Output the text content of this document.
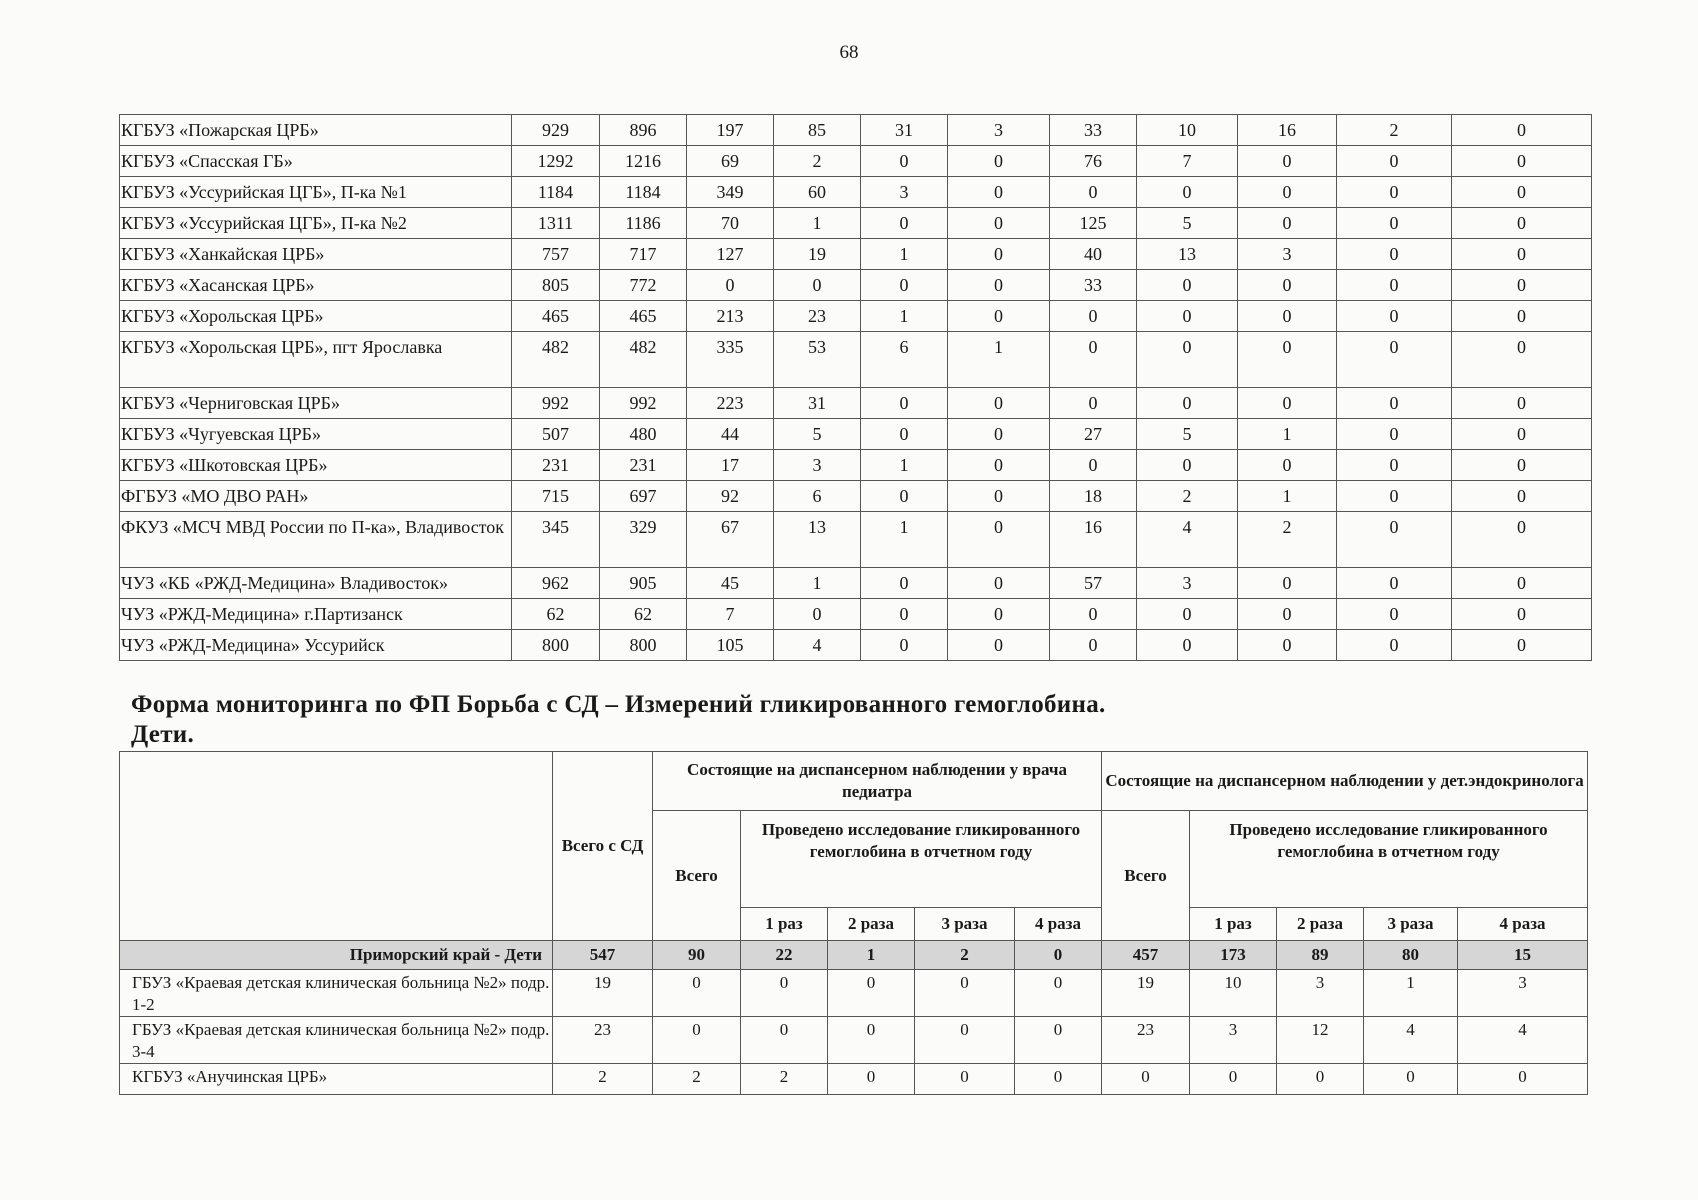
68
КГБУЗ «Пожарская ЦРБ»	929	896	197	85	31	3	33	10	16	2	0
КГБУЗ «Спасская ГБ»	1292	1216	69	2	0	0	76	7	0	0	0
КГБУЗ «Уссурийская ЦГБ», П-ка №1	1184	1184	349	60	3	0	0	0	0	0	0
КГБУЗ «Уссурийская ЦГБ», П-ка №2	1311	1186	70	1	0	0	125	5	0	0	0
КГБУЗ «Ханкайская ЦРБ»	757	717	127	19	1	0	40	13	3	0	0
КГБУЗ «Хасанская ЦРБ»	805	772	0	0	0	0	33	0	0	0	0
КГБУЗ «Хорольская ЦРБ»	465	465	213	23	1	0	0	0	0	0	0
КГБУЗ «Хорольская ЦРБ», пгт Ярославка	482	482	335	53	6	1	0	0	0	0	0
КГБУЗ «Черниговская ЦРБ»	992	992	223	31	0	0	0	0	0	0	0
КГБУЗ «Чугуевская ЦРБ»	507	480	44	5	0	0	27	5	1	0	0
КГБУЗ «Шкотовская ЦРБ»	231	231	17	3	1	0	0	0	0	0	0
ФГБУЗ «МО ДВО РАН»	715	697	92	6	0	0	18	2	1	0	0
ФКУЗ «МСЧ МВД России по П-ка», Владивосток	345	329	67	13	1	0	16	4	2	0	0
ЧУЗ «КБ «РЖД-Медицина» Владивосток»	962	905	45	1	0	0	57	3	0	0	0
ЧУЗ «РЖД-Медицина» г.Партизанск	62	62	7	0	0	0	0	0	0	0	0
ЧУЗ «РЖД-Медицина» Уссурийск	800	800	105	4	0	0	0	0	0	0	0
Форма мониторинга по ФП Борьба с СД – Измерений гликированного гемоглобина.
Дети.
	Всего с СД	Состоящие на диспансерном наблюдении у врача педиатра					Состоящие на диспансерном наблюдении у дет.эндокринолога				
		Всего	Проведено исследование гликированного гемоглобина в отчетном году				Всего	Проведено исследование гликированного гемоглобина в отчетном году			
			1 раз	2 раза	3 раза	4 раза		1 раз	2 раза	3 раза	4 раза
Приморский край - Дети	547	90	22	1	2	0	457	173	89	80	15
ГБУЗ «Краевая детская клиническая больница №2» подр. 1-2	19	0	0	0	0	0	19	10	3	1	3
ГБУЗ «Краевая детская клиническая больница №2» подр. 3-4	23	0	0	0	0	0	23	3	12	4	4
КГБУЗ «Анучинская ЦРБ»	2	2	2	0	0	0	0	0	0	0	0
